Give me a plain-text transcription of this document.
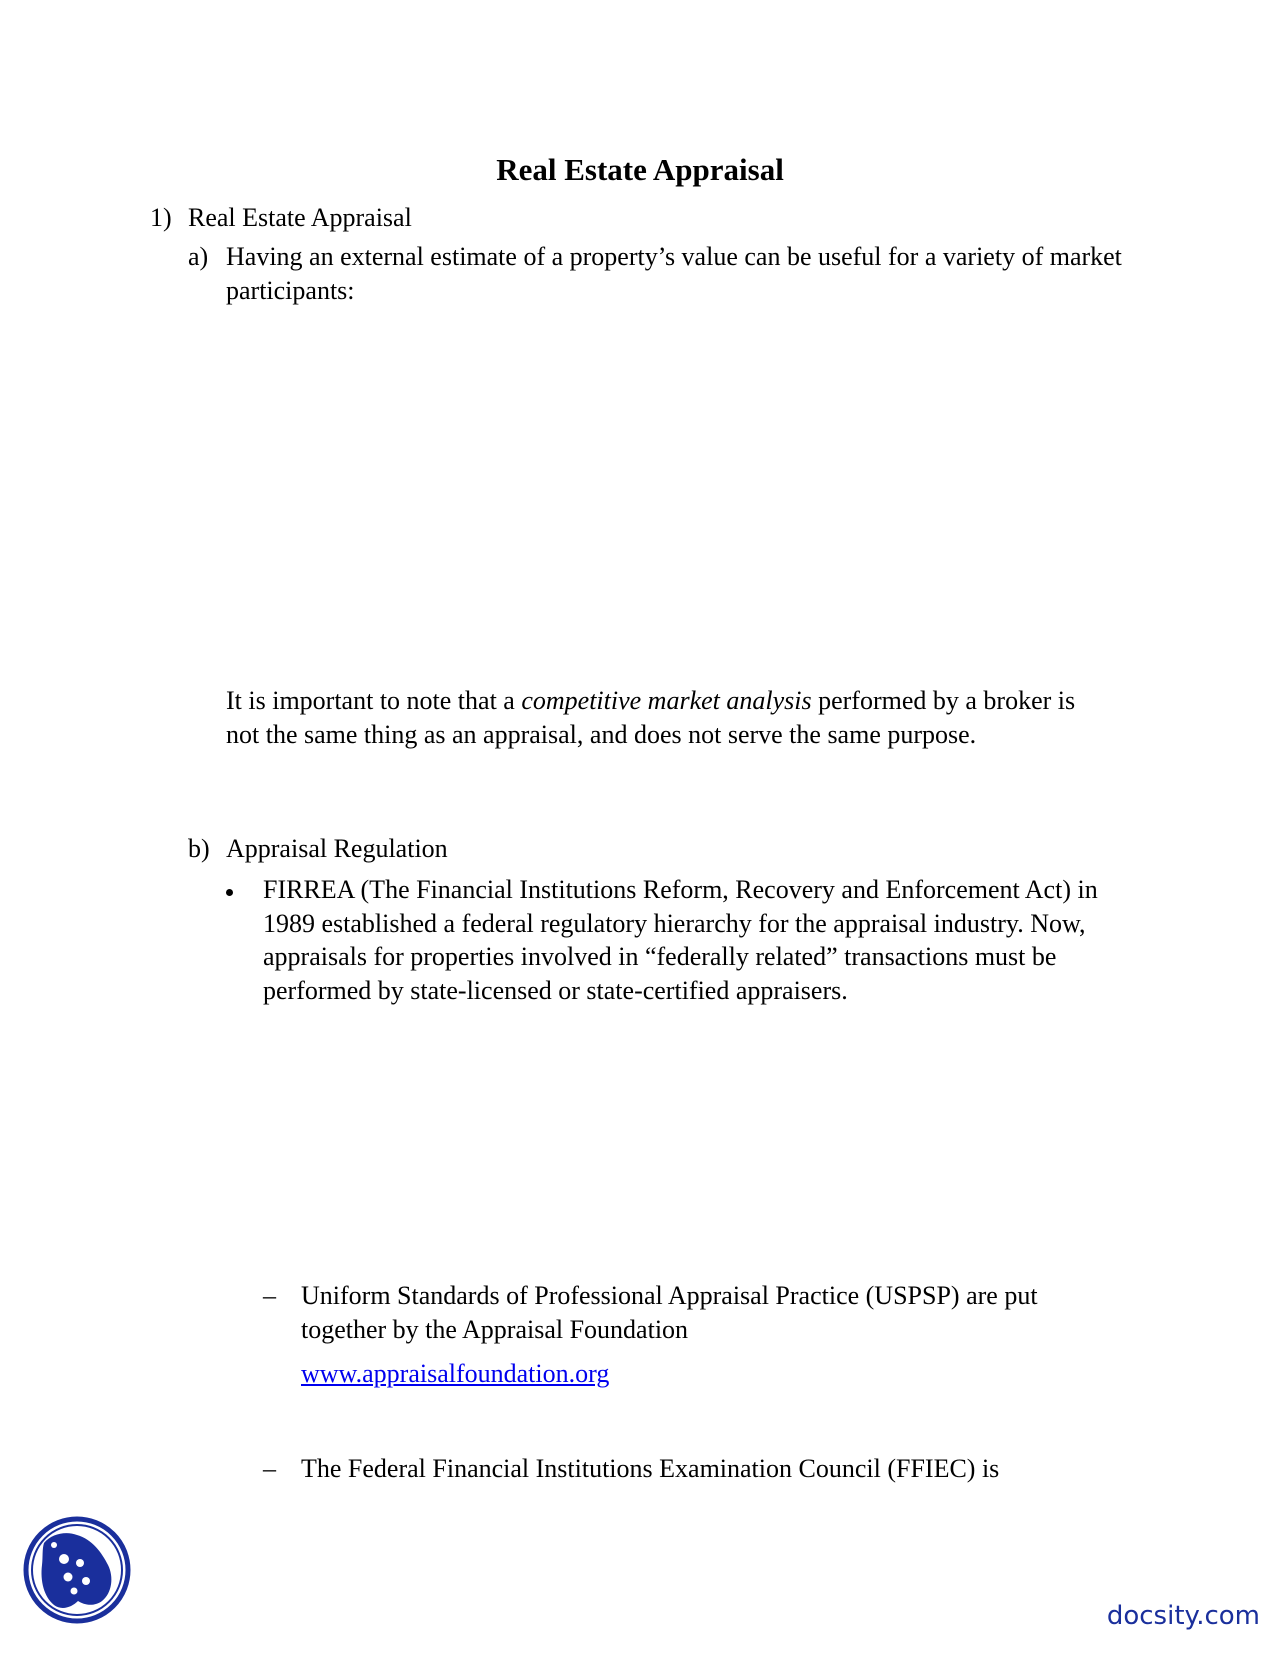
Real Estate Appraisal
1) Real Estate Appraisal
a) Having an external estimate of a property’s value can be useful for a variety of market participants:
It is important to note that a competitive market analysis performed by a broker is not the same thing as an appraisal, and does not serve the same purpose.
b) Appraisal Regulation
FIRREA (The Financial Institutions Reform, Recovery and Enforcement Act) in 1989 established a federal regulatory hierarchy for the appraisal industry. Now, appraisals for properties involved in “federally related” transactions must be performed by state-licensed or state-certified appraisers.
– Uniform Standards of Professional Appraisal Practice (USPSP) are put together by the Appraisal Foundation
www.appraisalfoundation.org
– The Federal Financial Institutions Examination Council (FFIEC) is
docsity.com
